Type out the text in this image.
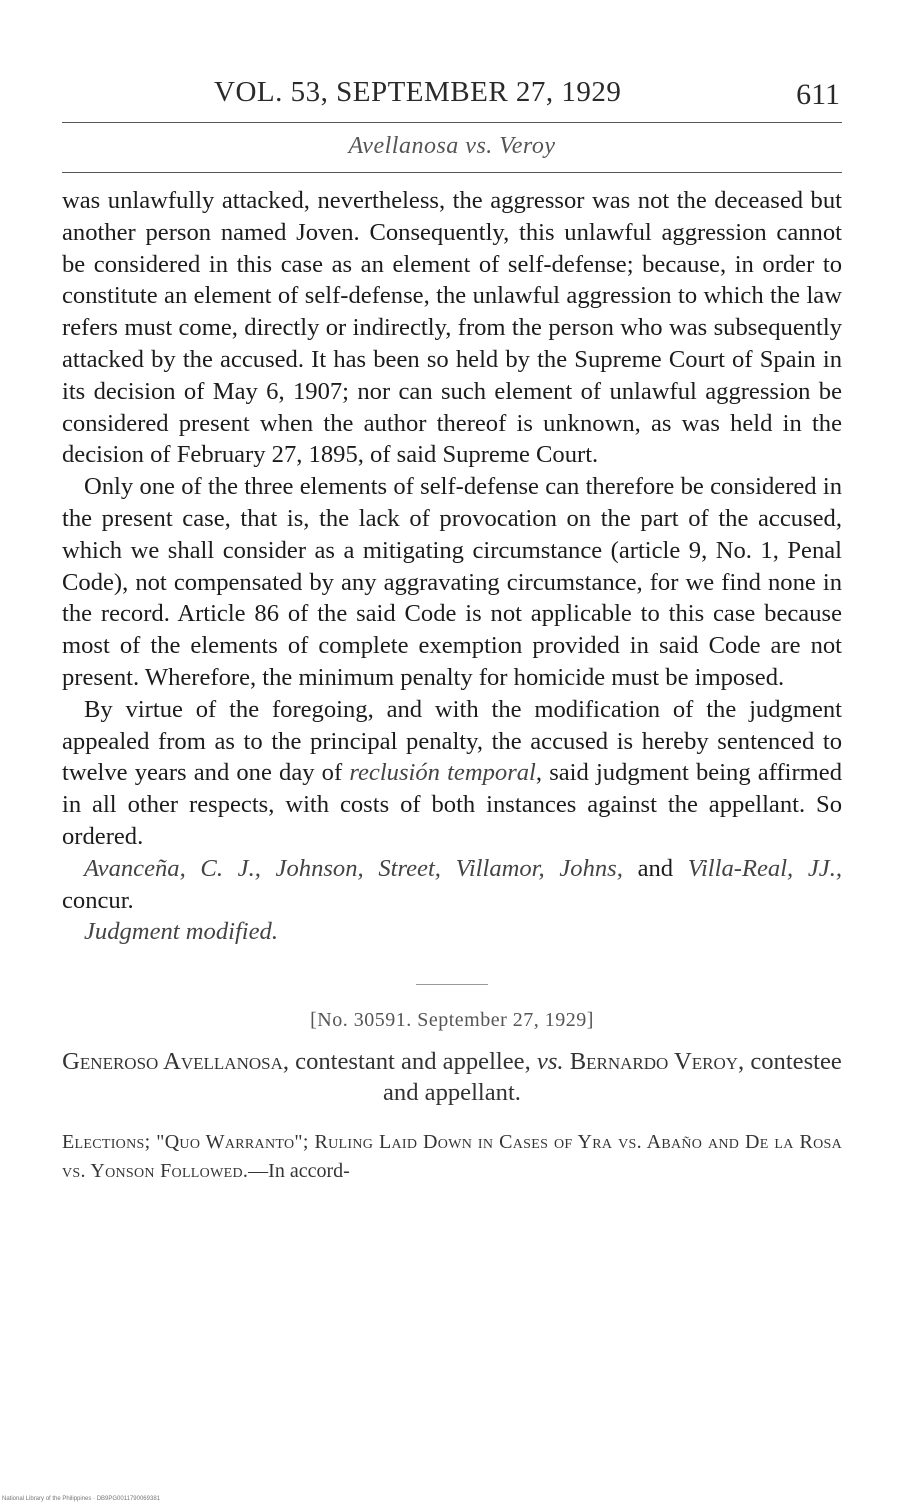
VOL. 53, SEPTEMBER 27, 1929	611
Avellanosa vs. Veroy

was unlawfully attacked, nevertheless, the aggressor was not the deceased but another person named Joven. Consequently, this unlawful aggression cannot be considered in this case as an element of self-defense; because, in order to constitute an element of self-defense, the unlawful aggression to which the law refers must come, directly or indirectly, from the person who was subsequently attacked by the accused. It has been so held by the Supreme Court of Spain in its decision of May 6, 1907; nor can such element of unlawful aggression be considered present when the author thereof is unknown, as was held in the decision of February 27, 1895, of said Supreme Court.

Only one of the three elements of self-defense can therefore be considered in the present case, that is, the lack of provocation on the part of the accused, which we shall consider as a mitigating circumstance (article 9, No. 1, Penal Code), not compensated by any aggravating circumstance, for we find none in the record. Article 86 of the said Code is not applicable to this case because most of the elements of complete exemption provided in said Code are not present. Wherefore, the minimum penalty for homicide must be imposed.

By virtue of the foregoing, and with the modification of the judgment appealed from as to the principal penalty, the accused is hereby sentenced to twelve years and one day of reclusión temporal, said judgment being affirmed in all other respects, with costs of both instances against the appellant. So ordered.

Avanceña, C. J., Johnson, Street, Villamor, Johns, and Villa-Real, JJ., concur.

Judgment modified.

[No. 30591. September 27, 1929]
Generoso Avellanosa, contestant and appellee, vs. Bernardo Veroy, contestee and appellant.
Elections; "Quo Warranto"; Ruling Laid Down in Cases of Yra vs. Abaño and De la Rosa vs. Yonson Followed.—In accord-
National Library of the Philippines · DB9PG0011790069381
